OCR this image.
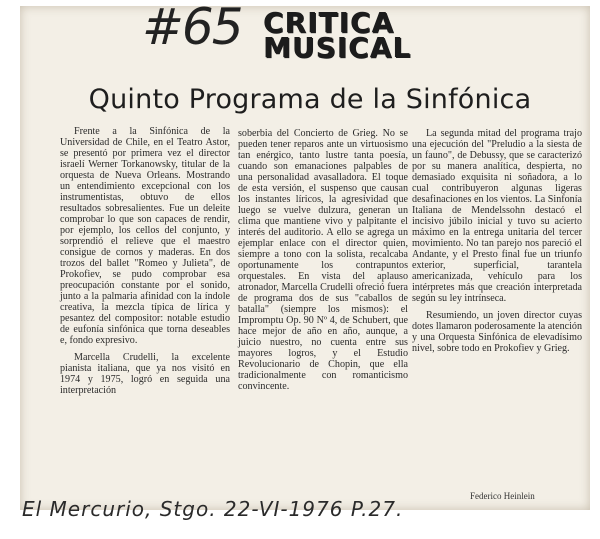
#65 CRITICA
MUSICAL
Quinto Programa de la Sinfónica

Frente a la Sinfónica de la Universidad de Chile, en el Teatro Astor, se presentó por primera vez el director israelí Werner Torkanowsky, titular de la orquesta de Nueva Orleans. Mostrando un entendimiento excepcional con los instrumentistas, obtuvo de ellos resultados sobresalientes. Fue un deleite comprobar lo que son capaces de rendir, por ejemplo, los cellos del conjunto, y sorprendió el relieve que el maestro consigue de cornos y maderas. En dos trozos del ballet "Romeo y Julieta", de Prokofiev, se pudo comprobar esa preocupación constante por el sonido, junto a la palmaria afinidad con la índole creativa, la mezcla típica de lírica y pesantez del compositor: notable estudio de eufonía sinfónica que torna deseables e, fondo expresivo.

Marcella Crudelli, la excelente pianista italiana, que ya nos visitó en 1974 y 1975, logró en seguida una interpretación

soberbia del Concierto de Grieg. No se pueden tener reparos ante un virtuosismo tan enérgico, tanto lustre tanta poesía, cuando son emanaciones palpables de una personalidad avasalladora. El toque de esta versión, el suspenso que causan los instantes líricos, la agresividad que luego se vuelve dulzura, generan un clima que mantiene vivo y palpitante el interés del auditorio. A ello se agrega un ejemplar enlace con el director quien, siempre a tono con la solista, recalcaba oportunamente los contrapuntos orquestales. En vista del aplauso atronador, Marcella Crudelli ofreció fuera de programa dos de sus "caballos de batalla" (siempre los mismos): el Impromptu Op. 90 Nº 4, de Schubert, que hace mejor de año en año, aunque, a juicio nuestro, no cuenta entre sus mayores logros, y el Estudio Revolucionario de Chopin, que ella tradicionalmente con romanticismo convincente.

La segunda mitad del programa trajo una ejecución del "Preludio a la siesta de un fauno", de Debussy, que se caracterizó por su manera analítica, despierta, no demasiado exquisita ni soñadora, a lo cual contribuyeron algunas ligeras desafinaciones en los vientos. La Sinfonía Italiana de Mendelssohn destacó el incisivo júbilo inicial y tuvo su acierto máximo en la entrega unitaria del tercer movimiento. No tan parejo nos pareció el Andante, y el Presto final fue un triunfo exterior, superficial, tarantela americanizada, vehículo para los intérpretes más que creación interpretada según su ley intrínseca.

Resumiendo, un joven director cuyas dotes llamaron poderosamente la atención y una Orquesta Sinfónica de elevadísimo nivel, sobre todo en Prokofiev y Grieg.

Federico Heinlein
El Mercurio, Stgo. 22-VI-1976 P.27.
